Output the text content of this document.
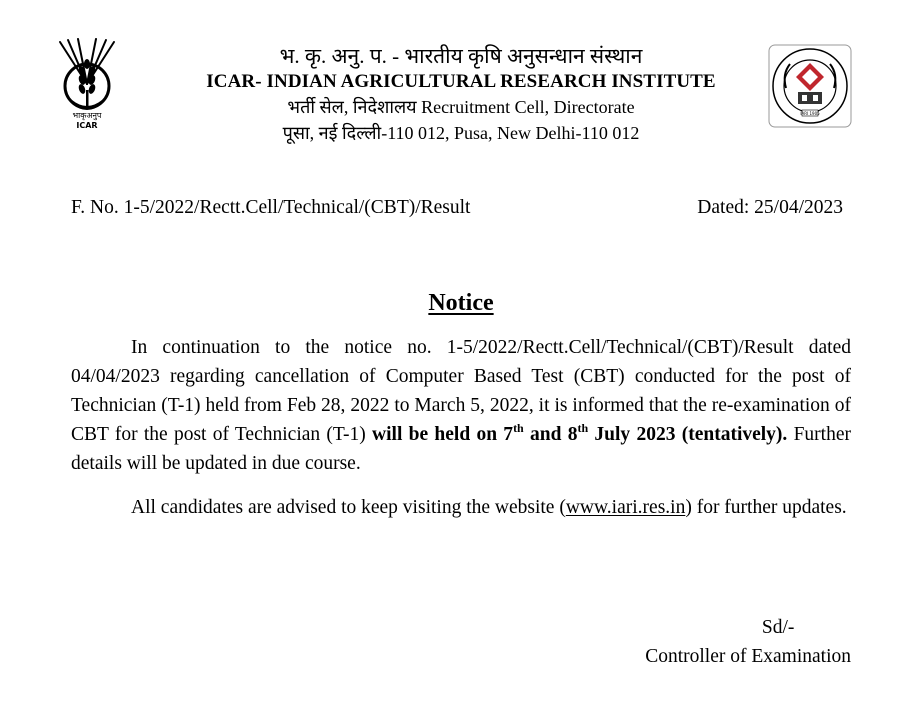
भाकृअनुप
ICAR
IARI 1905
भ. कृ. अनु. प. - भारतीय कृषि अनुसन्धान संस्थान
ICAR- INDIAN AGRICULTURAL RESEARCH INSTITUTE
भर्ती सेल, निदेशालय Recruitment Cell, Directorate
पूसा, नई दिल्ली-110 012, Pusa, New Delhi-110 012
F. No. 1-5/2022/Rectt.Cell/Technical/(CBT)/Result	Dated: 25/04/2023
Notice
In continuation to the notice no. 1-5/2022/Rectt.Cell/Technical/(CBT)/Result dated 04/04/2023 regarding cancellation of Computer Based Test (CBT) conducted for the post of Technician (T-1) held from Feb 28, 2022 to March 5, 2022, it is informed that the re-examination of CBT for the post of Technician (T-1) will be held on 7th and 8th July 2023 (tentatively). Further details will be updated in due course.
All candidates are advised to keep visiting the website (www.iari.res.in) for further updates.
Sd/-
Controller of Examination
